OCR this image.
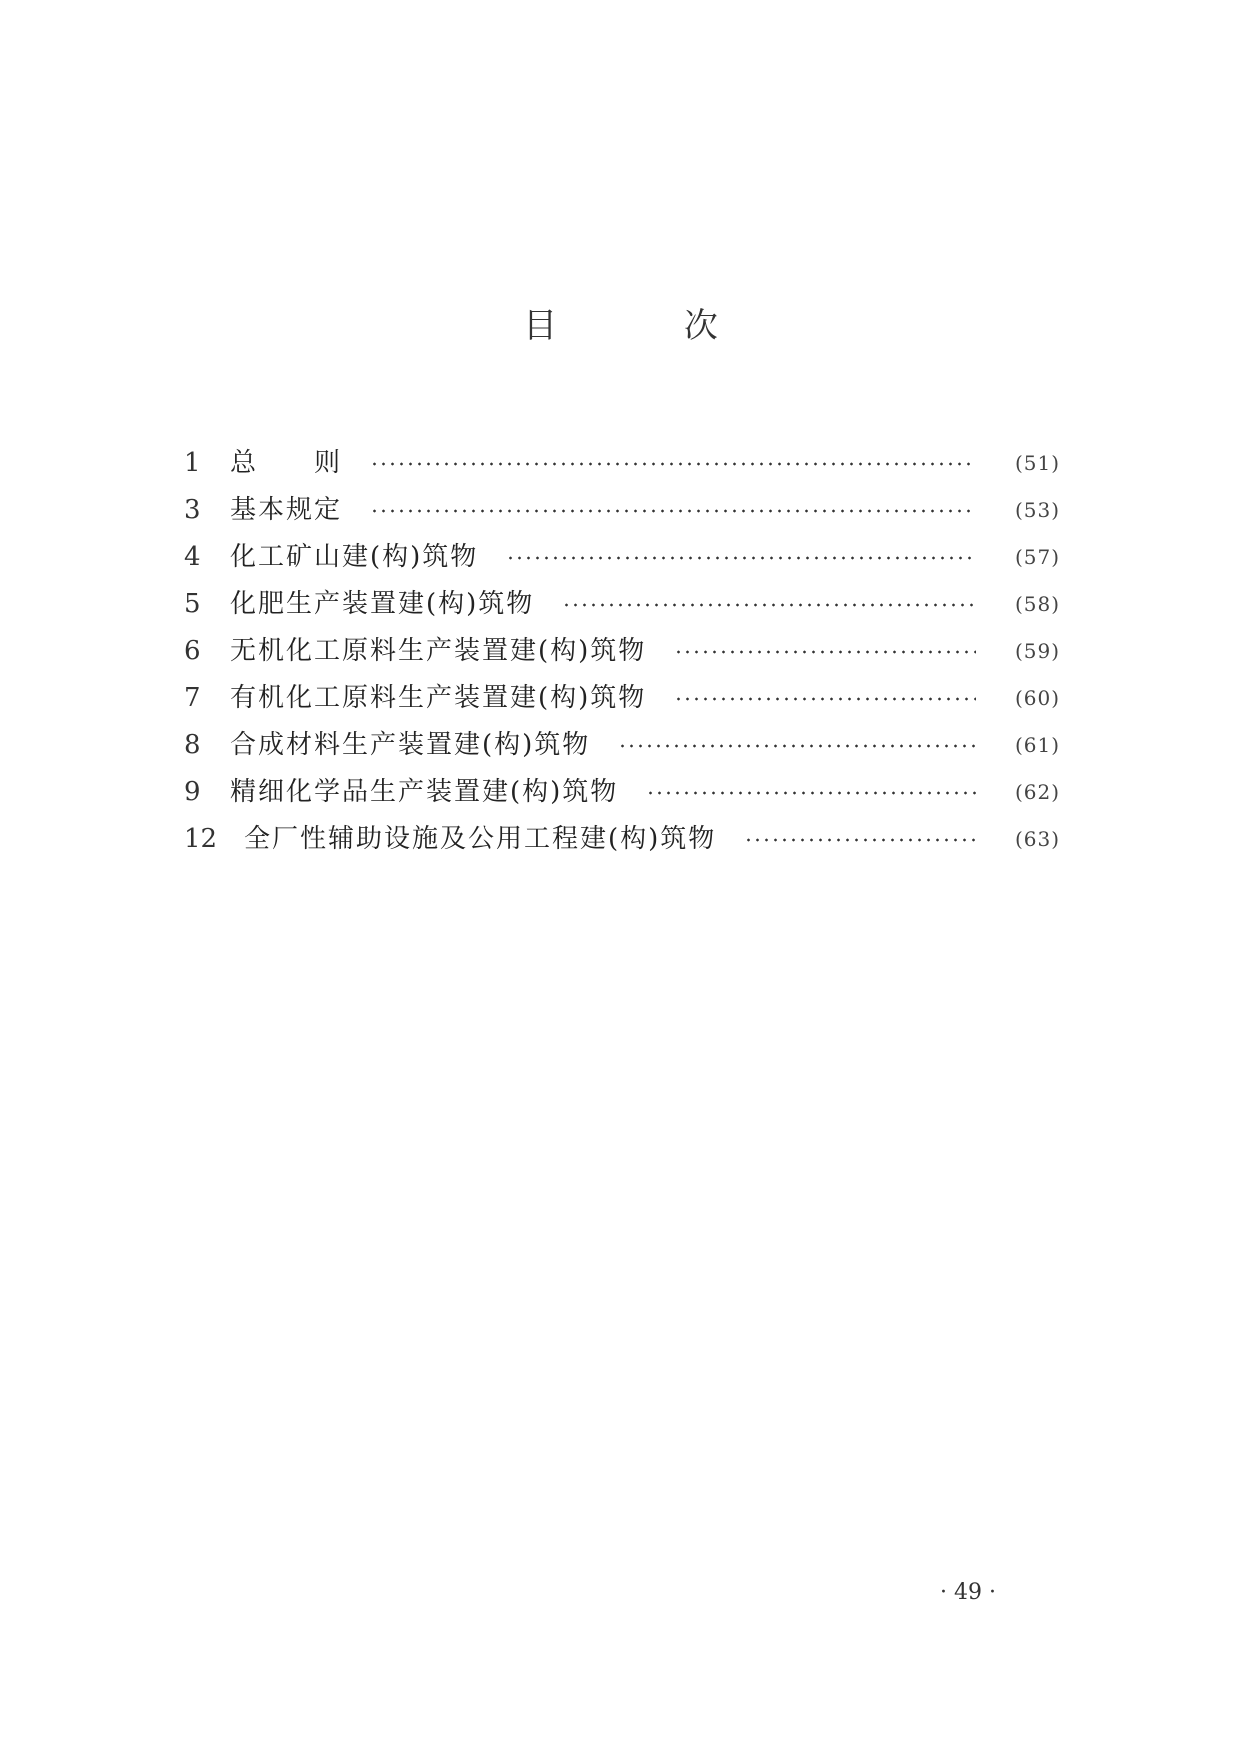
目 次
1	总　　则	(51)
3	基本规定	(53)
4	化工矿山建(构)筑物	(57)
5	化肥生产装置建(构)筑物	(58)
6	无机化工原料生产装置建(构)筑物	(59)
7	有机化工原料生产装置建(构)筑物	(60)
8	合成材料生产装置建(构)筑物	(61)
9	精细化学品生产装置建(构)筑物	(62)
12	全厂性辅助设施及公用工程建(构)筑物	(63)
· 49 ·
